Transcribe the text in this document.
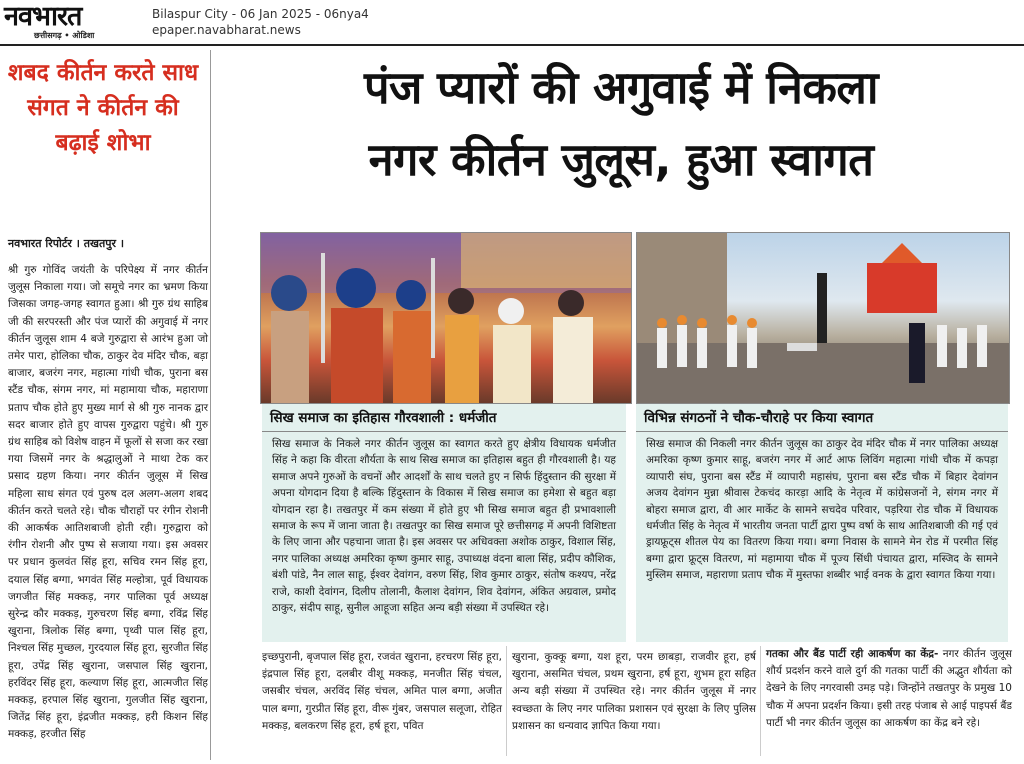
नवभारत
छत्तीसगढ़ • ओडिशा
Bilaspur City - 06 Jan 2025 - 06nya4
epaper.navabharat.news
शबद कीर्तन करते साध संगत ने कीर्तन की बढ़ाई शोभा
पंज प्यारों की अगुवाई में निकला
नगर कीर्तन जुलूस, हुआ स्वागत
नवभारत रिपोर्टर । तखतपुर ।
श्री गुरु गोविंद जयंती के परिपेक्ष्य में नगर कीर्तन जुलूस निकाला गया। जो समूचे नगर का भ्रमण किया जिसका जगह-जगह स्वागत हुआ। श्री गुरु ग्रंथ साहिब जी की सरपरस्ती और पंज प्यारों की अगुवाई में नगर कीर्तन जुलूस शाम 4 बजे गुरुद्वारा से आरंभ हुआ जो तमेर पारा, होलिका चौक, ठाकुर देव मंदिर चौक, बड़ा बाजार, बजरंग नगर, महात्मा गांधी चौक, पुराना बस स्टैंड चौक, संगम नगर, मां महामाया चौक, महाराणा प्रताप चौक होते हुए मुख्य मार्ग से श्री गुरु नानक द्वार सदर बाजार होते हुए वापस गुरुद्वारा पहुंचे। श्री गुरु ग्रंथ साहिब को विशेष वाहन में फूलों से सजा कर रखा गया जिसमें नगर के श्रद्धालुओं ने माथा टेक कर प्रसाद ग्रहण किया। नगर कीर्तन जुलूस में सिख महिला साध संगत एवं पुरुष दल अलग-अलग शबद कीर्तन करते चलते रहे। चौक चौराहों पर रंगीन रोशनी की आकर्षक आतिशबाजी होती रही। गुरुद्वारा को रंगीन रोशनी और पुष्प से सजाया गया। इस अवसर पर प्रधान कुलवंत सिंह हूरा, सचिव रमन सिंह हूरा, दयाल सिंह बग्गा, भगवंत सिंह मल्होत्रा, पूर्व विधायक जगजीत सिंह मक्कड़, नगर पालिका पूर्व अध्यक्ष सुरेन्द्र कौर मक्कड़, गुरुचरण सिंह बग्गा, रविंद्र सिंह खुराना, त्रिलोक सिंह बग्गा, पृथ्वी पाल सिंह हूरा, निश्चल सिंह मुच्छल, गुरदयाल सिंह हूरा, सुरजीत सिंह हूरा, उपेंद्र सिंह खुराना, जसपाल सिंह खुराना, हरविंदर सिंह हूरा, कल्याण सिंह हूरा, आत्मजीत सिंह मक्कड़, हरपाल सिंह खुराना, गुलजीत सिंह खुराना, जितेंद्र सिंह हूरा, इंद्रजीत मक्कड़, हरी किशन सिंह मक्कड़, हरजीत सिंह
सिख समाज का इतिहास गौरवशाली : धर्मजीत
सिख समाज के निकले नगर कीर्तन जुलूस का स्वागत करते हुए क्षेत्रीय विधायक धर्मजीत सिंह ने कहा कि वीरता शौर्यता के साथ सिख समाज का इतिहास बहुत ही गौरवशाली है। यह समाज अपने गुरुओं के वचनों और आदर्शों के साथ चलते हुए न सिर्फ हिंदुस्तान की सुरक्षा में अपना योगदान दिया है बल्कि हिंदुस्तान के विकास में सिख समाज का हमेशा से बहुत बड़ा योगदान रहा है। तखतपुर में कम संख्या में होते हुए भी सिख समाज बहुत ही प्रभावशाली समाज के रूप में जाना जाता है। तखतपुर का सिख समाज पूरे छत्तीसगढ़ में अपनी विशिष्टता के लिए जाना और पहचाना जाता है। इस अवसर पर अधिवक्ता अशोक ठाकुर, विशाल सिंह, नगर पालिका अध्यक्ष अमरिका कृष्ण कुमार साहू, उपाध्यक्ष वंदना बाला सिंह, प्रदीप कौशिक, बंशी पांडे, नैन लाल साहू, ईश्वर देवांगन, वरुण सिंह, शिव कुमार ठाकुर, संतोष कश्यप, नरेंद्र राजे, काशी देवांगन, दिलीप तोलानी, कैलाश देवांगन, शिव देवांगन, अंकित अग्रवाल, प्रमोद ठाकुर, संदीप साहू, सुनील आहूजा सहित अन्य बड़ी संख्या में उपस्थित रहे।
विभिन्न संगठनों ने चौक-चौराहे पर किया स्वागत
सिख समाज की निकली नगर कीर्तन जुलूस का ठाकुर देव मंदिर चौक में नगर पालिका अध्यक्ष अमरिका कृष्ण कुमार साहू, बजरंग नगर में आर्ट आफ लिविंग महात्मा गांधी चौक में कपड़ा व्यापारी संघ, पुराना बस स्टैंड में व्यापारी महासंघ, पुराना बस स्टैंड चौक में बिहार देवांगन अजय देवांगन मुन्ना श्रीवास टेकचंद कारड़ा आदि के नेतृत्व में कांग्रेसजनों ने, संगम नगर में बोहरा समाज द्वारा, वी आर मार्केट के सामने सचदेव परिवार, पड़रिया रोड चौक में विधायक धर्मजीत सिंह के नेतृत्व में भारतीय जनता पार्टी द्वारा पुष्प वर्षा के साथ आतिशबाजी की गई एवं ड्रायफ्रूट्स शीतल पेय का वितरण किया गया। बग्गा निवास के सामने मेन रोड में परमीत सिंह बग्गा द्वारा फ्रूट्स वितरण, मां महामाया चौक में पूज्य सिंधी पंचायत द्वारा, मस्जिद के सामने मुस्लिम समाज, महाराणा प्रताप चौक में मुस्तफा शब्बीर भाई वनक के द्वारा स्वागत किया गया।
इच्छपुरानी, बृजपाल सिंह हूरा, रजवंत खुराना, हरचरण सिंह हूरा, इंद्रपाल सिंह हूरा, दलबीर वीशू मक्कड़, मनजीत सिंह चंचल, जसबीर चंचल, अरविंद सिंह चंचल, अमित पाल बग्गा, अजीत पाल बग्गा, गुरप्रीत सिंह हूरा, वीरू गुंबर, जसपाल सलूजा, रोहित मक्कड़, बलकरण सिंह हूरा, हर्ष हूरा, पवित
खुराना, कुक्कू बग्गा, यश हूरा, परम छाबड़ा, राजवीर हूरा, हर्ष खुराना, असमित चंचल, प्रथम खुराना, हर्ष हूरा, शुभम हूरा सहित अन्य बड़ी संख्या में उपस्थित रहे। नगर कीर्तन जुलूस में नगर स्वच्छता के लिए नगर पालिका प्रशासन एवं सुरक्षा के लिए पुलिस प्रशासन का धन्यवाद ज्ञापित किया गया।
गतका और बैंड पार्टी रही आकर्षण का केंद्र- नगर कीर्तन जुलूस शौर्य प्रदर्शन करने वाले दुर्ग की गतका पार्टी की अद्भुत शौर्यता को देखने के लिए नगरवासी उमड़ पड़े। जिन्होंने तखतपुर के प्रमुख 10 चौक में अपना प्रदर्शन किया। इसी तरह पंजाब से आई पाइपर्स बैंड पार्टी भी नगर कीर्तन जुलूस का आकर्षण का केंद्र बने रहे।
